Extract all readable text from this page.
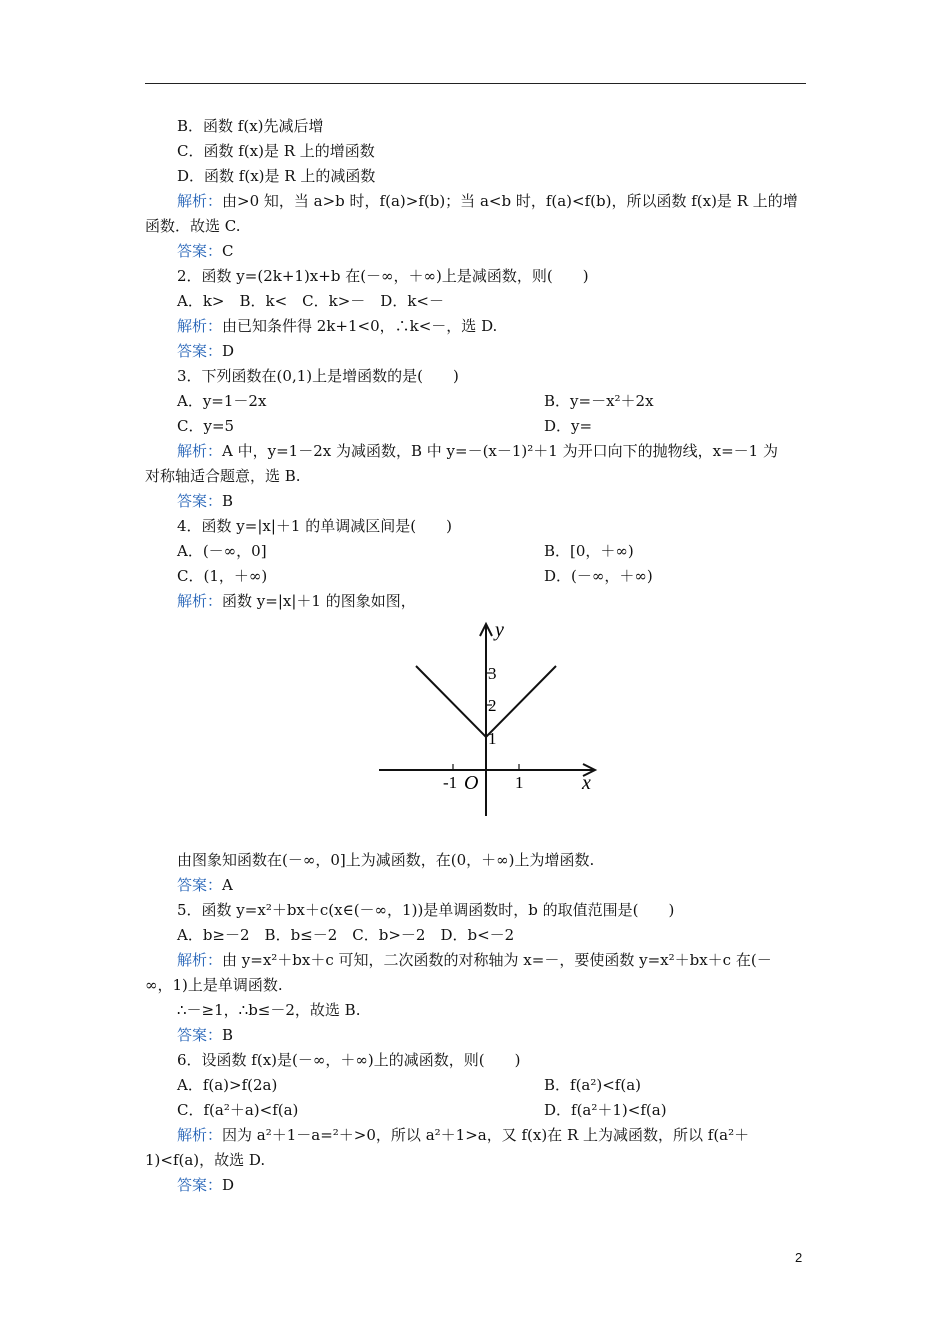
B．函数 f(x)先减后增
C．函数 f(x)是 R 上的增函数
D．函数 f(x)是 R 上的减函数
解析：由>0 知，当 a>b 时，f(a)>f(b)；当 a<b 时，f(a)<f(b)，所以函数 f(x)是 R 上的增
函数．故选 C.
答案：C
2．函数 y=(2k+1)x+b 在(－∞，＋∞)上是减函数，则(　　)
A．k>　B．k<　C．k>－　D．k<－
解析：由已知条件得 2k+1<0，∴k<－，选 D.
答案：D
3．下列函数在(0,1)上是增函数的是(　　)
A．y=1－2x	B．y=－x²＋2x
C．y=5	D．y=
解析：A 中，y=1－2x 为减函数，B 中 y=－(x－1)²＋1 为开口向下的抛物线，x=－1 为
对称轴适合题意，选 B.
答案：B
4．函数 y=|x|＋1 的单调减区间是(　　)
A．(－∞，0]	B．[0，＋∞)
C．(1，＋∞)	D．(－∞，＋∞)
解析：函数 y=|x|＋1 的图象如图，
y
x
3
2
1
-1	1
O
由图象知函数在(－∞，0]上为减函数，在(0，＋∞)上为增函数.
答案：A
5．函数 y=x²＋bx＋c(x∈(－∞，1))是单调函数时，b 的取值范围是(　　)
A．b≥－2　B．b≤－2　C．b>－2　D．b<－2
解析：由 y=x²＋bx＋c 可知，二次函数的对称轴为 x=－，要使函数 y=x²＋bx＋c 在(－
∞，1)上是单调函数.
∴－≥1，∴b≤－2，故选 B.
答案：B
6．设函数 f(x)是(－∞，＋∞)上的减函数，则(　　)
A．f(a)>f(2a)	B．f(a²)<f(a)
C．f(a²＋a)<f(a)	D．f(a²＋1)<f(a)
解析：因为 a²＋1－a=²＋>0，所以 a²＋1>a，又 f(x)在 R 上为减函数，所以 f(a²＋
1)<f(a)，故选 D.
答案：D
2
